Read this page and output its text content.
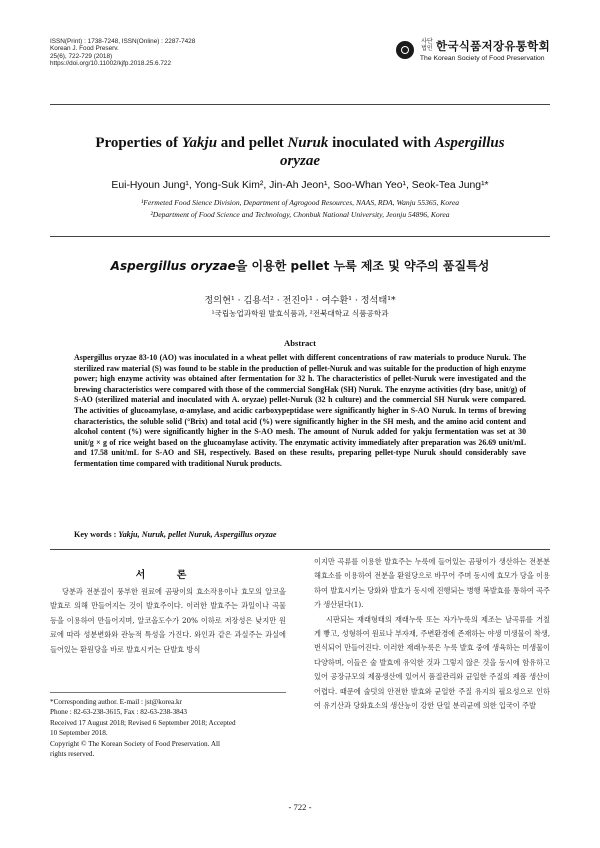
ISSN(Print) : 1738-7248, ISSN(Online) : 2287-7428
Korean J. Food Preserv.
25(6), 722-729 (2018)
https://doi.org/10.11002/kjfp.2018.25.6.722
사단법인 한국식품저장유통학회
The Korean Society of Food Preservation
Properties of Yakju and pellet Nuruk inoculated with Aspergillus
oryzae
Eui-Hyoun Jung¹, Yong-Suk Kim², Jin-Ah Jeon¹, Soo-Whan Yeo¹, Seok-Tea Jung¹*
¹Fermeted Food Sience Division, Department of Agrogood Resources, NAAS, RDA, Wanju 55365, Korea
²Department of Food Science and Technology, Chonbuk National University, Jeonju 54896, Korea
Aspergillus oryzae을 이용한 pellet 누룩 제조 및 약주의 품질특성
정의현¹ · 김용석² · 전진아¹ · 여수환¹ · 정석태¹*
¹국립농업과학원 발효식품과, ²전북대학교 식품공학과
Abstract
Aspergillus oryzae 83-10 (AO) was inoculated in a wheat pellet with different concentrations of raw materials to produce Nuruk. The sterilized raw material (S) was found to be stable in the production of pellet-Nuruk and was suitable for the production of high enzyme power; high enzyme activity was obtained after fermentation for 32 h. The characteristics of pellet-Nuruk were investigated and the brewing characteristics were compared with those of the commercial SongHak (SH) Nuruk. The enzyme activities (dry base, unit/g) of S-AO (sterilized material and inoculated with A. oryzae) pellet-Nuruk (32 h culture) and the commercial SH Nuruk were compared. The activities of glucoamylase, α-amylase, and acidic carboxypeptidase were significantly higher in S-AO Nuruk. In terms of brewing characteristics, the soluble solid (°Brix) and total acid (%) were significantly higher in the SH mesh, and the amino acid content and alcohol content (%) were significantly higher in the S-AO mesh. The amount of Nuruk added for yakju fermentation was set at 30 unit/g × g of rice weight based on the glucoamylase activity. The enzymatic activity immediately after preparation was 26.69 unit/mL and 17.58 unit/mL for S-AO and SH, respectively. Based on these results, preparing pellet-type Nuruk should considerably save fermentation time compared with traditional Nuruk products.
Key words : Yakju, Nuruk, pellet Nuruk, Aspergillus oryzae
서 론

당분과 전분질이 풍부한 원료에 곰팡이의 효소작용이나 효모의 알코올 발효로 의해 만들어지는 것이 발효주이다. 이러한 발효주는 과일이나 곡물 등을 이용하여 만들어지며, 알코올도수가 20% 이하로 저장성은 낮지만 원료에 따라 성분변화와 관능적 특성을 가진다. 와인과 같은 과실주는 과실에 들어있는 환원당을 바로 발효시키는 단발효 방식

*Corresponding author. E-mail : jst@korea.kr
Phone : 82-63-238-3615, Fax : 82-63-238-3843
Received 17 August 2018; Revised 6 September 2018; Accepted
10 September 2018.
Copyright © The Korean Society of Food Preservation. All
rights reserved.

이지만 곡류를 이용한 발효주는 누룩에 들어있는 곰팡이가 생산하는 전분분해효소를 이용하여 전분을 환원당으로 바꾸어 주며 동시에 효모가 당을 이용하여 발효시키는 당화와 발효가 동시에 진행되는 병행 복발효를 통하여 곡주가 생산된다(1).

시판되는 재래형태의 재래누룩 또는 자가누룩의 제조는 날곡류를 거칠게 빻고, 성형하여 원료나 부자재, 주변환경에 존재하는 야생 미생물이 착생, 번식되어 만들어진다. 이러한 재래누룩은 누룩 발효 중에 생육하는 미생물이 다양하며, 이들은 술 발효에 유익한 것과 그렇지 않은 것을 동시에 함유하고 있어 공장규모의 제품생산에 있어서 품질관리와 균일한 주질의 제품 생산이 어렵다. 때문에 술덧의 안전한 발효와 균일한 주질 유지의 필요성으로 인하여 유기산과 당화효소의 생산능이 강한 단일 분리균에 의한 입국이 주발

- 722 -
